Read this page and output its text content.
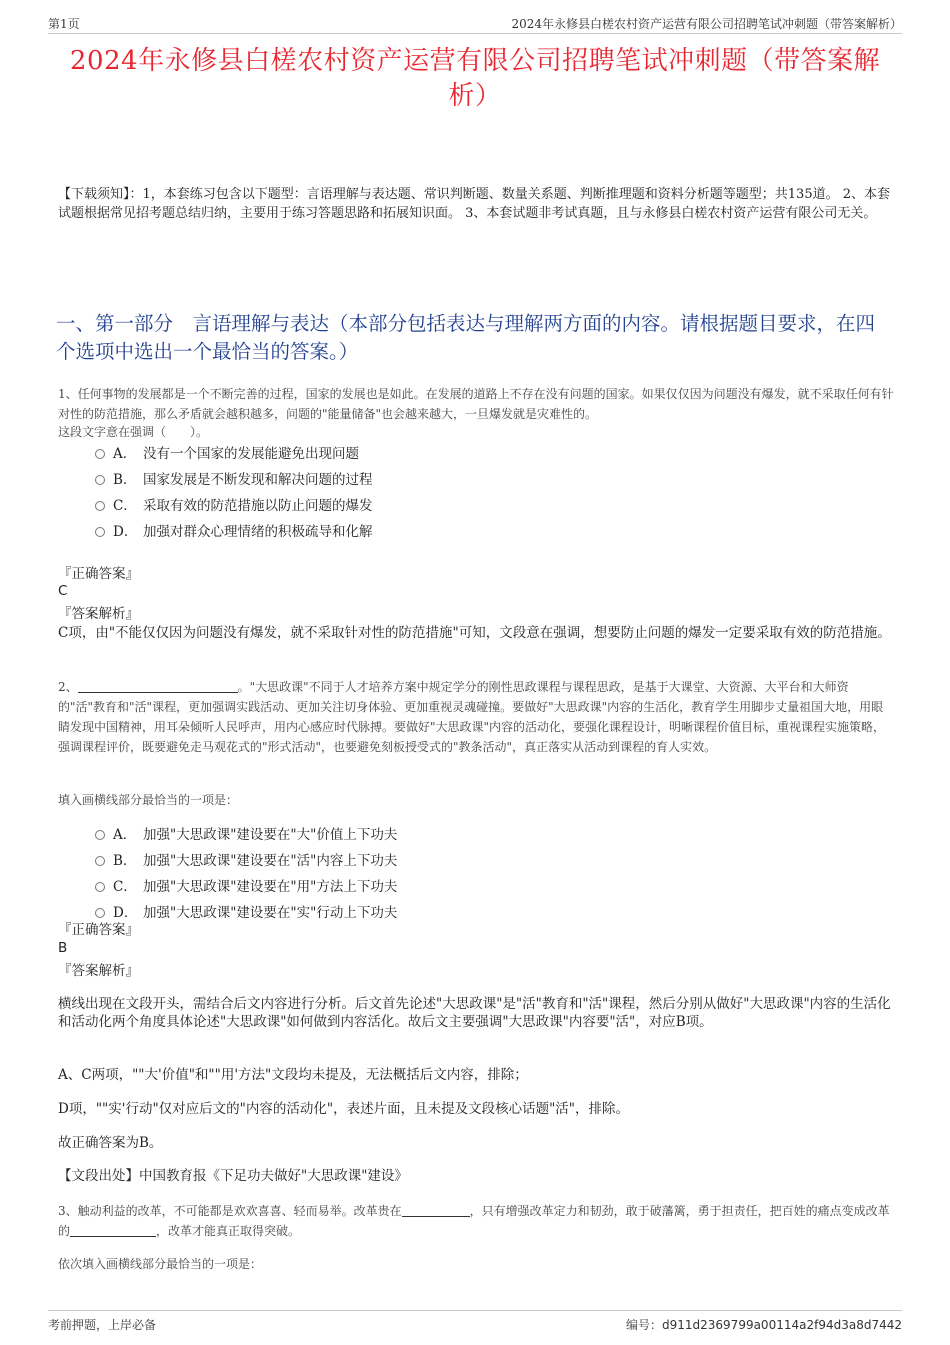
第1页	2024年永修县白槎农村资产运营有限公司招聘笔试冲刺题（带答案解析）
2024年永修县白槎农村资产运营有限公司招聘笔试冲刺题（带答案解析）
【下载须知】：1，本套练习包含以下题型：言语理解与表达题、常识判断题、数量关系题、判断推理题和资料分析题等题型；共135道。 2、本套试题根据常见招考题总结归纳，主要用于练习答题思路和拓展知识面。 3、本套试题非考试真题，且与永修县白槎农村资产运营有限公司无关。
一、第一部分　言语理解与表达（本部分包括表达与理解两方面的内容。请根据题目要求，在四个选项中选出一个最恰当的答案。）
1、任何事物的发展都是一个不断完善的过程，国家的发展也是如此。在发展的道路上不存在没有问题的国家。如果仅仅因为问题没有爆发，就不采取任何有针对性的防范措施，那么矛盾就会越积越多，问题的"能量储备"也会越来越大，一旦爆发就是灾难性的。
这段文字意在强调（　　）。
A． 没有一个国家的发展能避免出现问题
B． 国家发展是不断发现和解决问题的过程
C． 采取有效的防范措施以防止问题的爆发
D． 加强对群众心理情绪的积极疏导和化解
『正确答案』
C
『答案解析』
C项，由"不能仅仅因为问题没有爆发，就不采取针对性的防范措施"可知，文段意在强调，想要防止问题的爆发一定要采取有效的防范措施。
2、	。"大思政课"不同于人才培养方案中规定学分的刚性思政课程与课程思政，是基于大课堂、大资源、大平台和大师资的"活"教育和"活"课程，更加强调实践活动、更加关注切身体验、更加重视灵魂碰撞。要做好"大思政课"内容的生活化，教育学生用脚步丈量祖国大地，用眼睛发现中国精神，用耳朵倾听人民呼声，用内心感应时代脉搏。要做好"大思政课"内容的活动化，要强化课程设计，明晰课程价值目标，重视课程实施策略，强调课程评价，既要避免走马观花式的"形式活动"，也要避免刻板授受式的"教条活动"，真正落实从活动到课程的育人实效。
填入画横线部分最恰当的一项是：
A． 加强"大思政课"建设要在"大"价值上下功夫
B． 加强"大思政课"建设要在"活"内容上下功夫
C． 加强"大思政课"建设要在"用"方法上下功夫
D． 加强"大思政课"建设要在"实"行动上下功夫
『正确答案』
B
『答案解析』
横线出现在文段开头，需结合后文内容进行分析。后文首先论述"大思政课"是"活"教育和"活"课程，然后分别从做好"大思政课"内容的生活化和活动化两个角度具体论述"大思政课"如何做到内容活化。故后文主要强调"大思政课"内容要"活"，对应B项。
A、C两项，""大'价值"和""用'方法"文段均未提及，无法概括后文内容，排除；
D项，""实'行动"仅对应后文的"内容的活动化"，表述片面，且未提及文段核心话题"活"，排除。
故正确答案为B。
【文段出处】中国教育报《下足功夫做好"大思政课"建设》
3、触动利益的改革，不可能都是欢欢喜喜、轻而易举。改革贵在	，只有增强改革定力和韧劲，敢于破藩篱，勇于担责任，把百姓的痛点变成改革的	，改革才能真正取得突破。
依次填入画横线部分最恰当的一项是：
考前押题，上岸必备	编号：d911d2369799a00114a2f94d3a8d7442
